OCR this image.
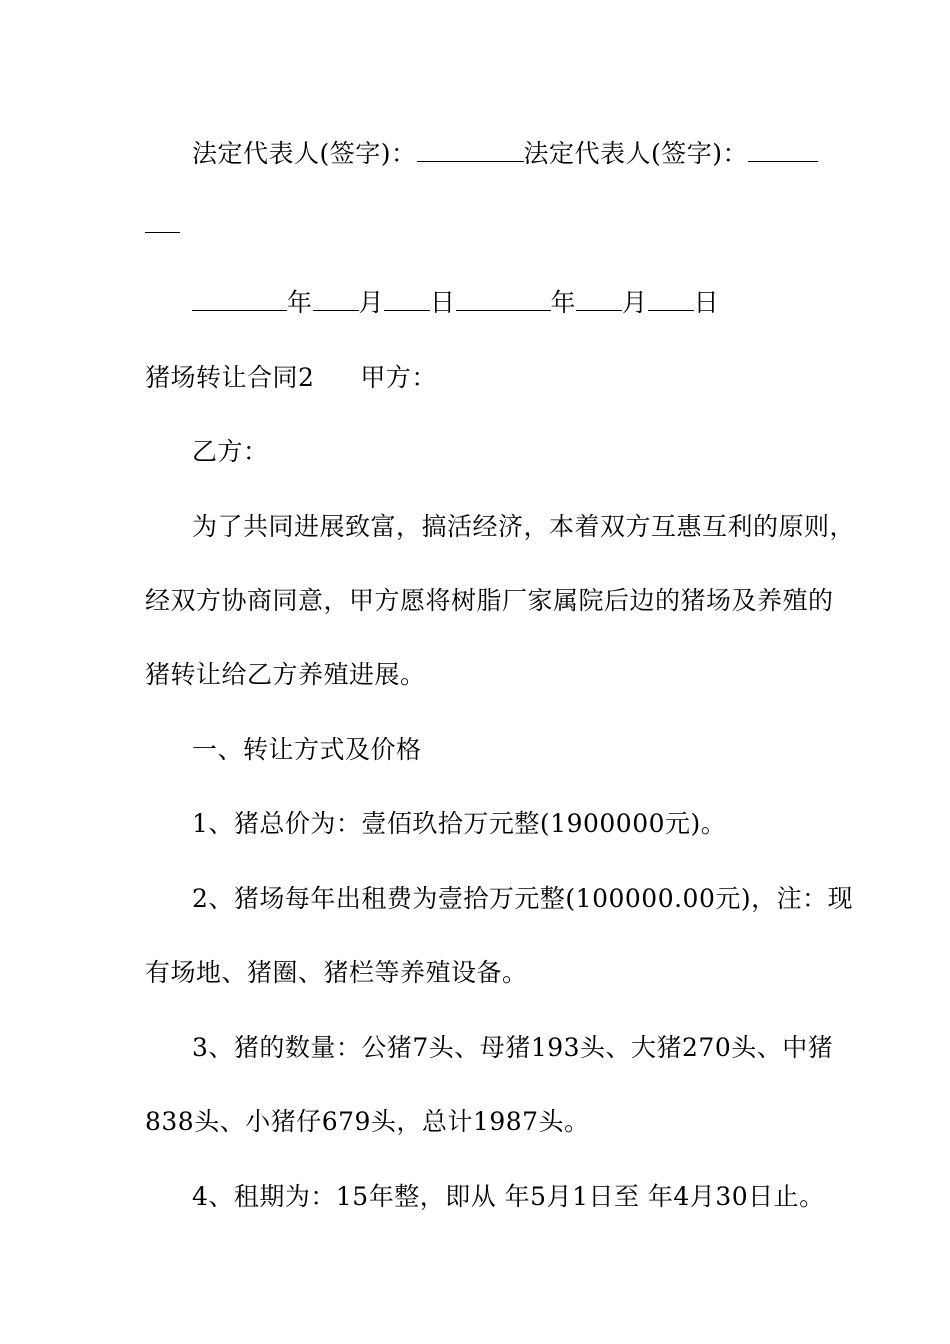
法定代表人(签字)：	法定代表人(签字)：
年 月 日	年 月 日
猪场转让合同2 甲方：
乙方：
为了共同进展致富，搞活经济，本着双方互惠互利的原则，
经双方协商同意，甲方愿将树脂厂家属院后边的猪场及养殖的
猪转让给乙方养殖进展。
一、转让方式及价格
1、猪总价为：壹佰玖拾万元整(1900000元)。
2、猪场每年出租费为壹拾万元整(100000.00元)，注：现
有场地、猪圈、猪栏等养殖设备。
3、猪的数量：公猪7头、母猪193头、大猪270头、中猪
838头、小猪仔679头，总计1987头。
4、租期为：15年整，即从 年5月1日至 年4月30日止。
